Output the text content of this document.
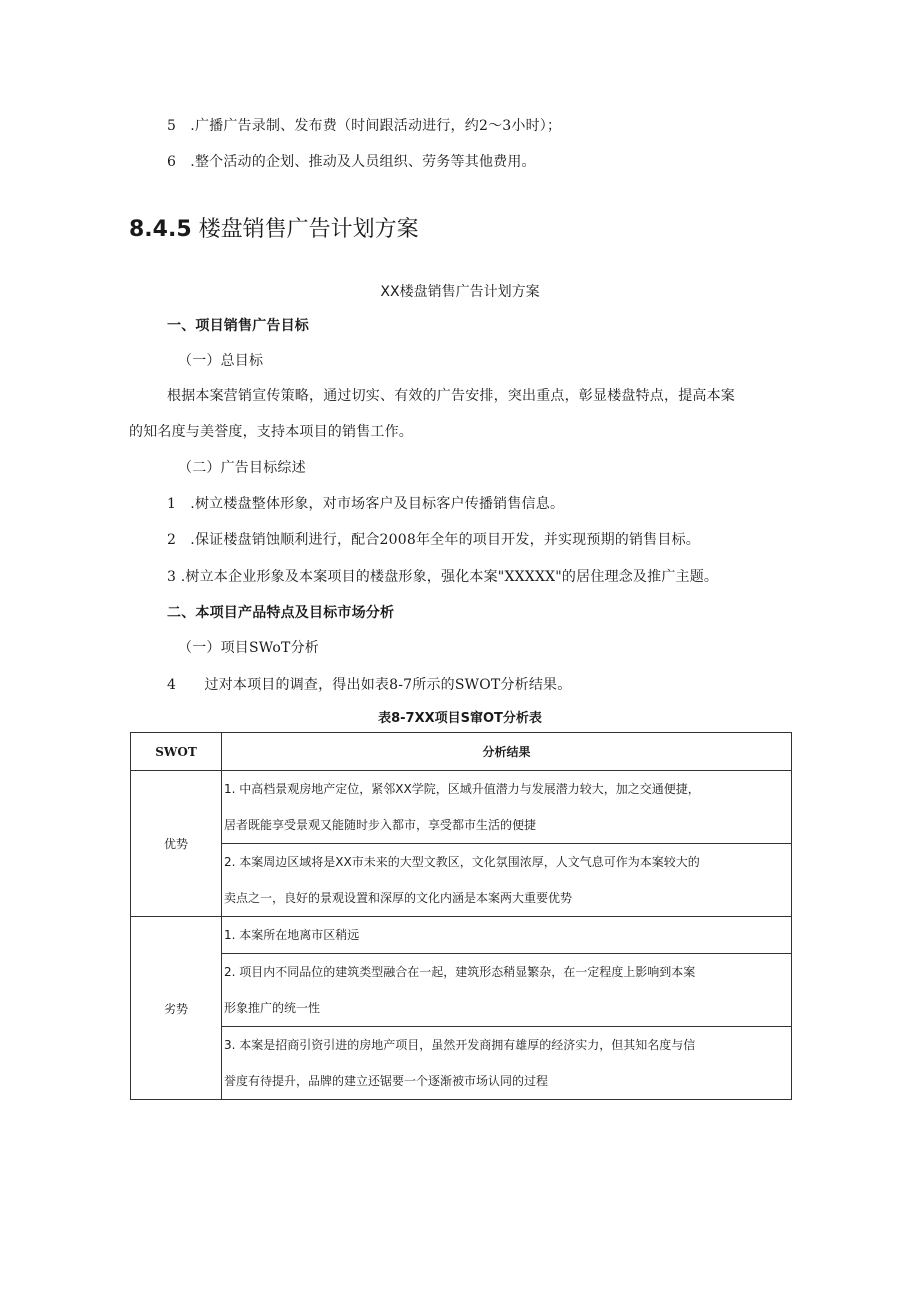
5　.广播广告录制、发布费（时间跟活动进行，约2～3小时）；
6　.整个活动的企划、推动及人员组织、劳务等其他费用。
8.4.5 楼盘销售广告计划方案
XX楼盘销售广告计划方案
一、项目销售广告目标
（一）总目标
根据本案营销宣传策略，通过切实、有效的广告安排，突出重点，彰显楼盘特点，提高本案
的知名度与美誉度，支持本项目的销售工作。
（二）广告目标综述
1　.树立楼盘整体形象，对市场客户及目标客户传播销售信息。
2　.保证楼盘销蚀顺利进行，配合2008年全年的项目开发，并实现预期的销售目标。
3 .树立本企业形象及本案项目的楼盘形象，强化本案"XXXXX"的居住理念及推广主题。
二、本项目产品特点及目标市场分析
（一）项目SWoT分析
4　　过对本项目的调查，得出如表8-7所示的SWOT分析结果。
表8-7XX项目S窜OT分析表
SWOT	分析结果
优势	1. 中高档景观房地产定位，紧邻XX学院，区域升值潜力与发展潜力较大，加之交通便捷，
居者既能享受景观又能随时步入都市，享受都市生活的便捷

	2. 本案周边区域将是XX市未来的大型文教区，文化氛围浓厚，人文气息可作为本案较大的
卖点之一，良好的景观设置和深厚的文化内涵是本案两大重要优势

劣势	1. 本案所在地离市区稍远

	2. 项目内不同品位的建筑类型融合在一起，建筑形态稍显繁杂，在一定程度上影响到本案
形象推广的统一性

	3. 本案是招商引资引进的房地产项目，虽然开发商拥有雄厚的经济实力，但其知名度与信
誉度有待提升，品牌的建立还锯要一个逐渐被市场认同的过程
